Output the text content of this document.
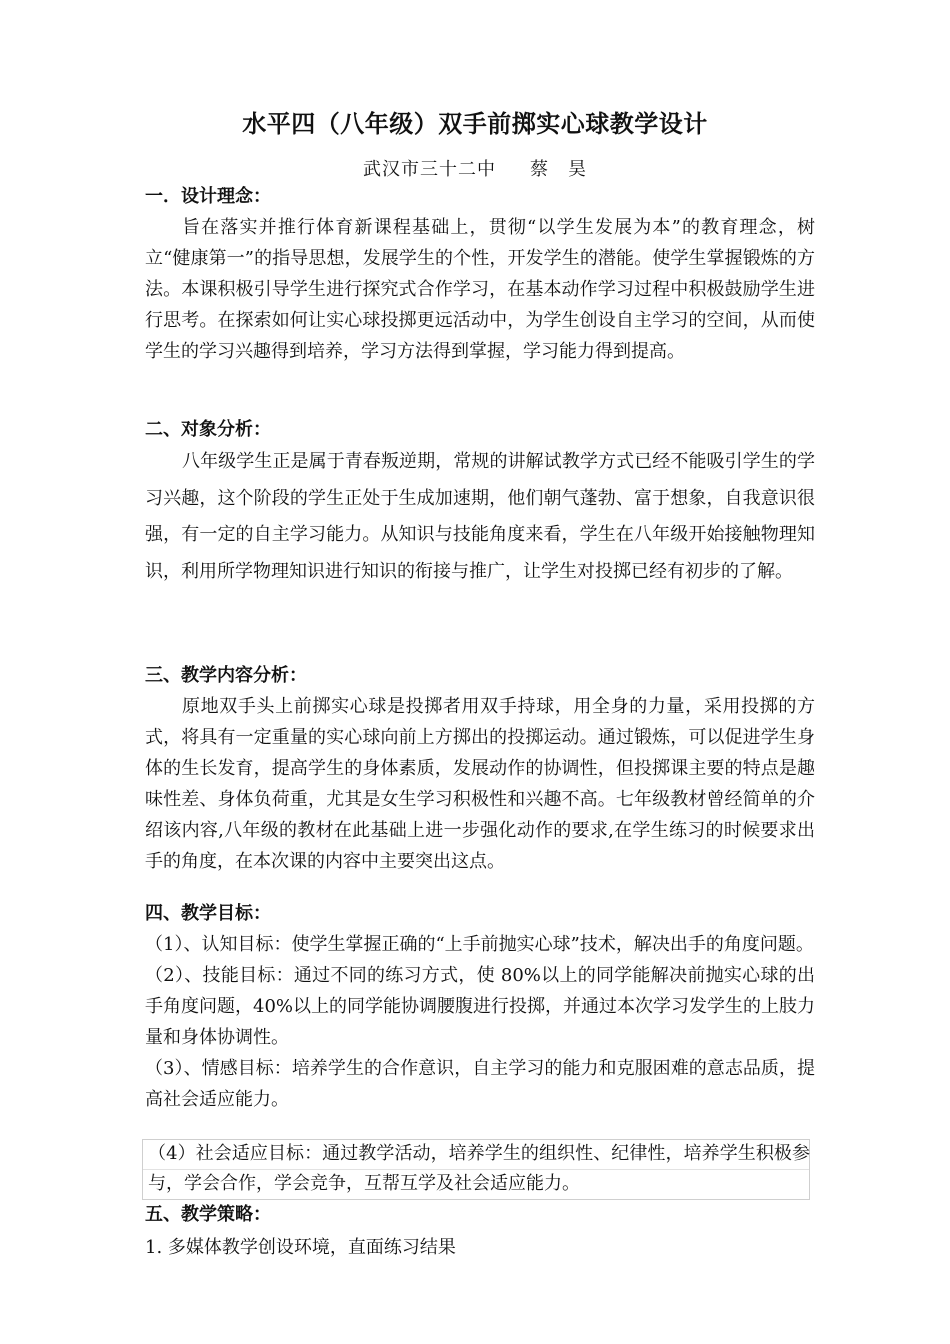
水平四（八年级）双手前掷实心球教学设计
武汉市三十二中 蔡　昊
一．设计理念：
旨在落实并推行体育新课程基础上，贯彻“以学生发展为本”的教育理念，树立“健康第一”的指导思想，发展学生的个性，开发学生的潜能。使学生掌握锻炼的方法。本课积极引导学生进行探究式合作学习，在基本动作学习过程中积极鼓励学生进行思考。在探索如何让实心球投掷更远活动中，为学生创设自主学习的空间，从而使学生的学习兴趣得到培养，学习方法得到掌握，学习能力得到提高。
二、对象分析：
八年级学生正是属于青春叛逆期，常规的讲解试教学方式已经不能吸引学生的学习兴趣，这个阶段的学生正处于生成加速期，他们朝气蓬勃、富于想象，自我意识很强，有一定的自主学习能力。从知识与技能角度来看，学生在八年级开始接触物理知识，利用所学物理知识进行知识的衔接与推广，让学生对投掷已经有初步的了解。
三、教学内容分析：
原地双手头上前掷实心球是投掷者用双手持球，用全身的力量，采用投掷的方式，将具有一定重量的实心球向前上方掷出的投掷运动。通过锻炼，可以促进学生身体的生长发育，提高学生的身体素质，发展动作的协调性，但投掷课主要的特点是趣味性差、身体负荷重，尤其是女生学习积极性和兴趣不高。七年级教材曾经简单的介绍该内容,八年级的教材在此基础上进一步强化动作的要求,在学生练习的时候要求出手的角度，在本次课的内容中主要突出这点。
四、教学目标：
（1）、认知目标：使学生掌握正确的“上手前抛实心球”技术，解决出手的角度问题。
（2）、技能目标：通过不同的练习方式，使 80%以上的同学能解决前抛实心球的出手角度问题，40%以上的同学能协调腰腹进行投掷，并通过本次学习发学生的上肢力量和身体协调性。
（3）、情感目标：培养学生的合作意识，自主学习的能力和克服困难的意志品质，提高社会适应能力。
（4）社会适应目标：通过教学活动，培养学生的组织性、纪律性，培养学生积极参与，学会合作，学会竞争，互帮互学及社会适应能力。
五、教学策略：
1. 多媒体教学创设环境，直面练习结果
